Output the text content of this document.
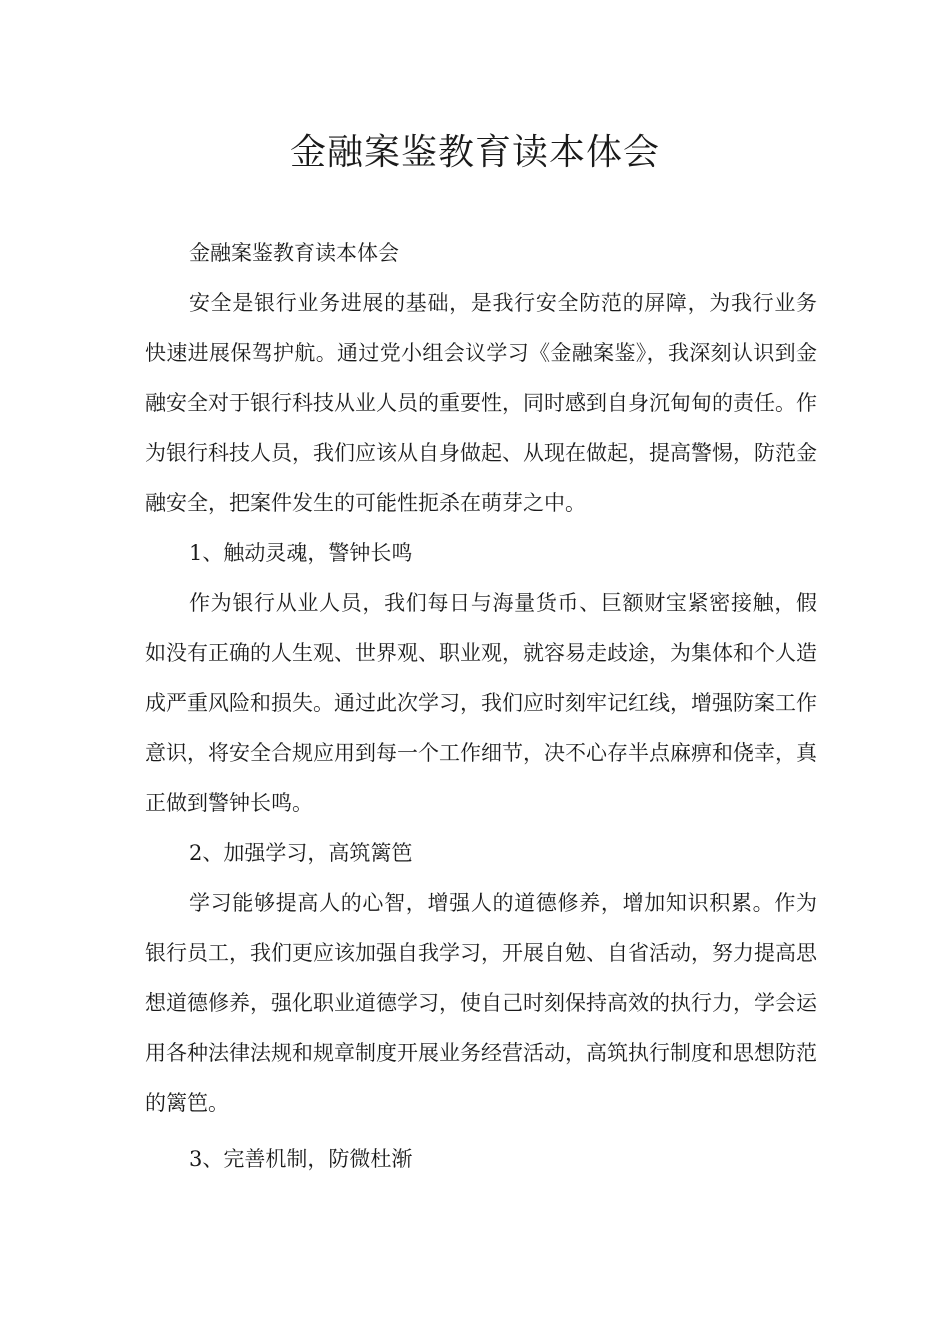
金融案鉴教育读本体会

金融案鉴教育读本体会

安全是银行业务进展的基础，是我行安全防范的屏障，为我行业务快速进展保驾护航。通过党小组会议学习《金融案鉴》，我深刻认识到金融安全对于银行科技从业人员的重要性，同时感到自身沉甸甸的责任。作为银行科技人员，我们应该从自身做起、从现在做起，提高警惕，防范金融安全，把案件发生的可能性扼杀在萌芽之中。

1、触动灵魂，警钟长鸣

作为银行从业人员，我们每日与海量货币、巨额财宝紧密接触，假如没有正确的人生观、世界观、职业观，就容易走歧途，为集体和个人造成严重风险和损失。通过此次学习，我们应时刻牢记红线，增强防案工作意识，将安全合规应用到每一个工作细节，决不心存半点麻痹和侥幸，真正做到警钟长鸣。

2、加强学习，高筑篱笆

学习能够提高人的心智，增强人的道德修养，增加知识积累。作为银行员工，我们更应该加强自我学习，开展自勉、自省活动，努力提高思想道德修养，强化职业道德学习，使自己时刻保持高效的执行力，学会运用各种法律法规和规章制度开展业务经营活动，高筑执行制度和思想防范的篱笆。

3、完善机制，防微杜渐
